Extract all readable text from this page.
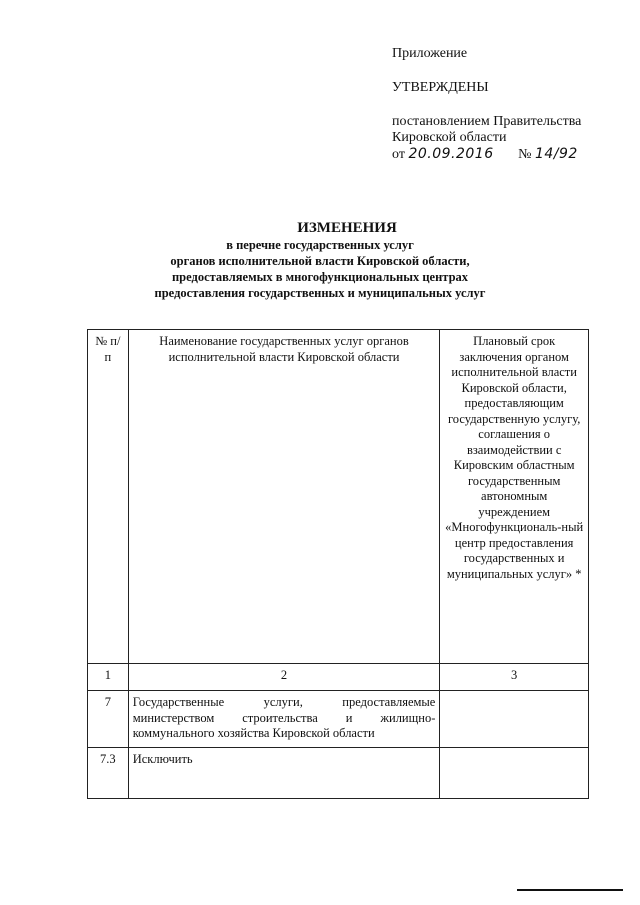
Приложение
УТВЕРЖДЕНЫ
постановлением Правительства
Кировской области
от 20.09.2016 № 14/92
ИЗМЕНЕНИЯ
в перечне государственных услуг
органов исполнительной власти Кировской области,
предоставляемых в многофункциональных центрах
предоставления государственных и муниципальных услуг
№ п/п	Наименование государственных услуг органов исполнительной власти Кировской области	Плановый срок заключения органом исполнительной власти Кировской области, предоставляющим государственную услугу, соглашения о взаимодействии с Кировским областным государственным автономным учреждением «Многофункциональ-ный центр предоставления государственных и муниципальных услуг» *
1	2	3
7	Государственные услуги, предоставляемые министерством строительства и жилищно-коммунального хозяйства Кировской области	
7.3	Исключить	
